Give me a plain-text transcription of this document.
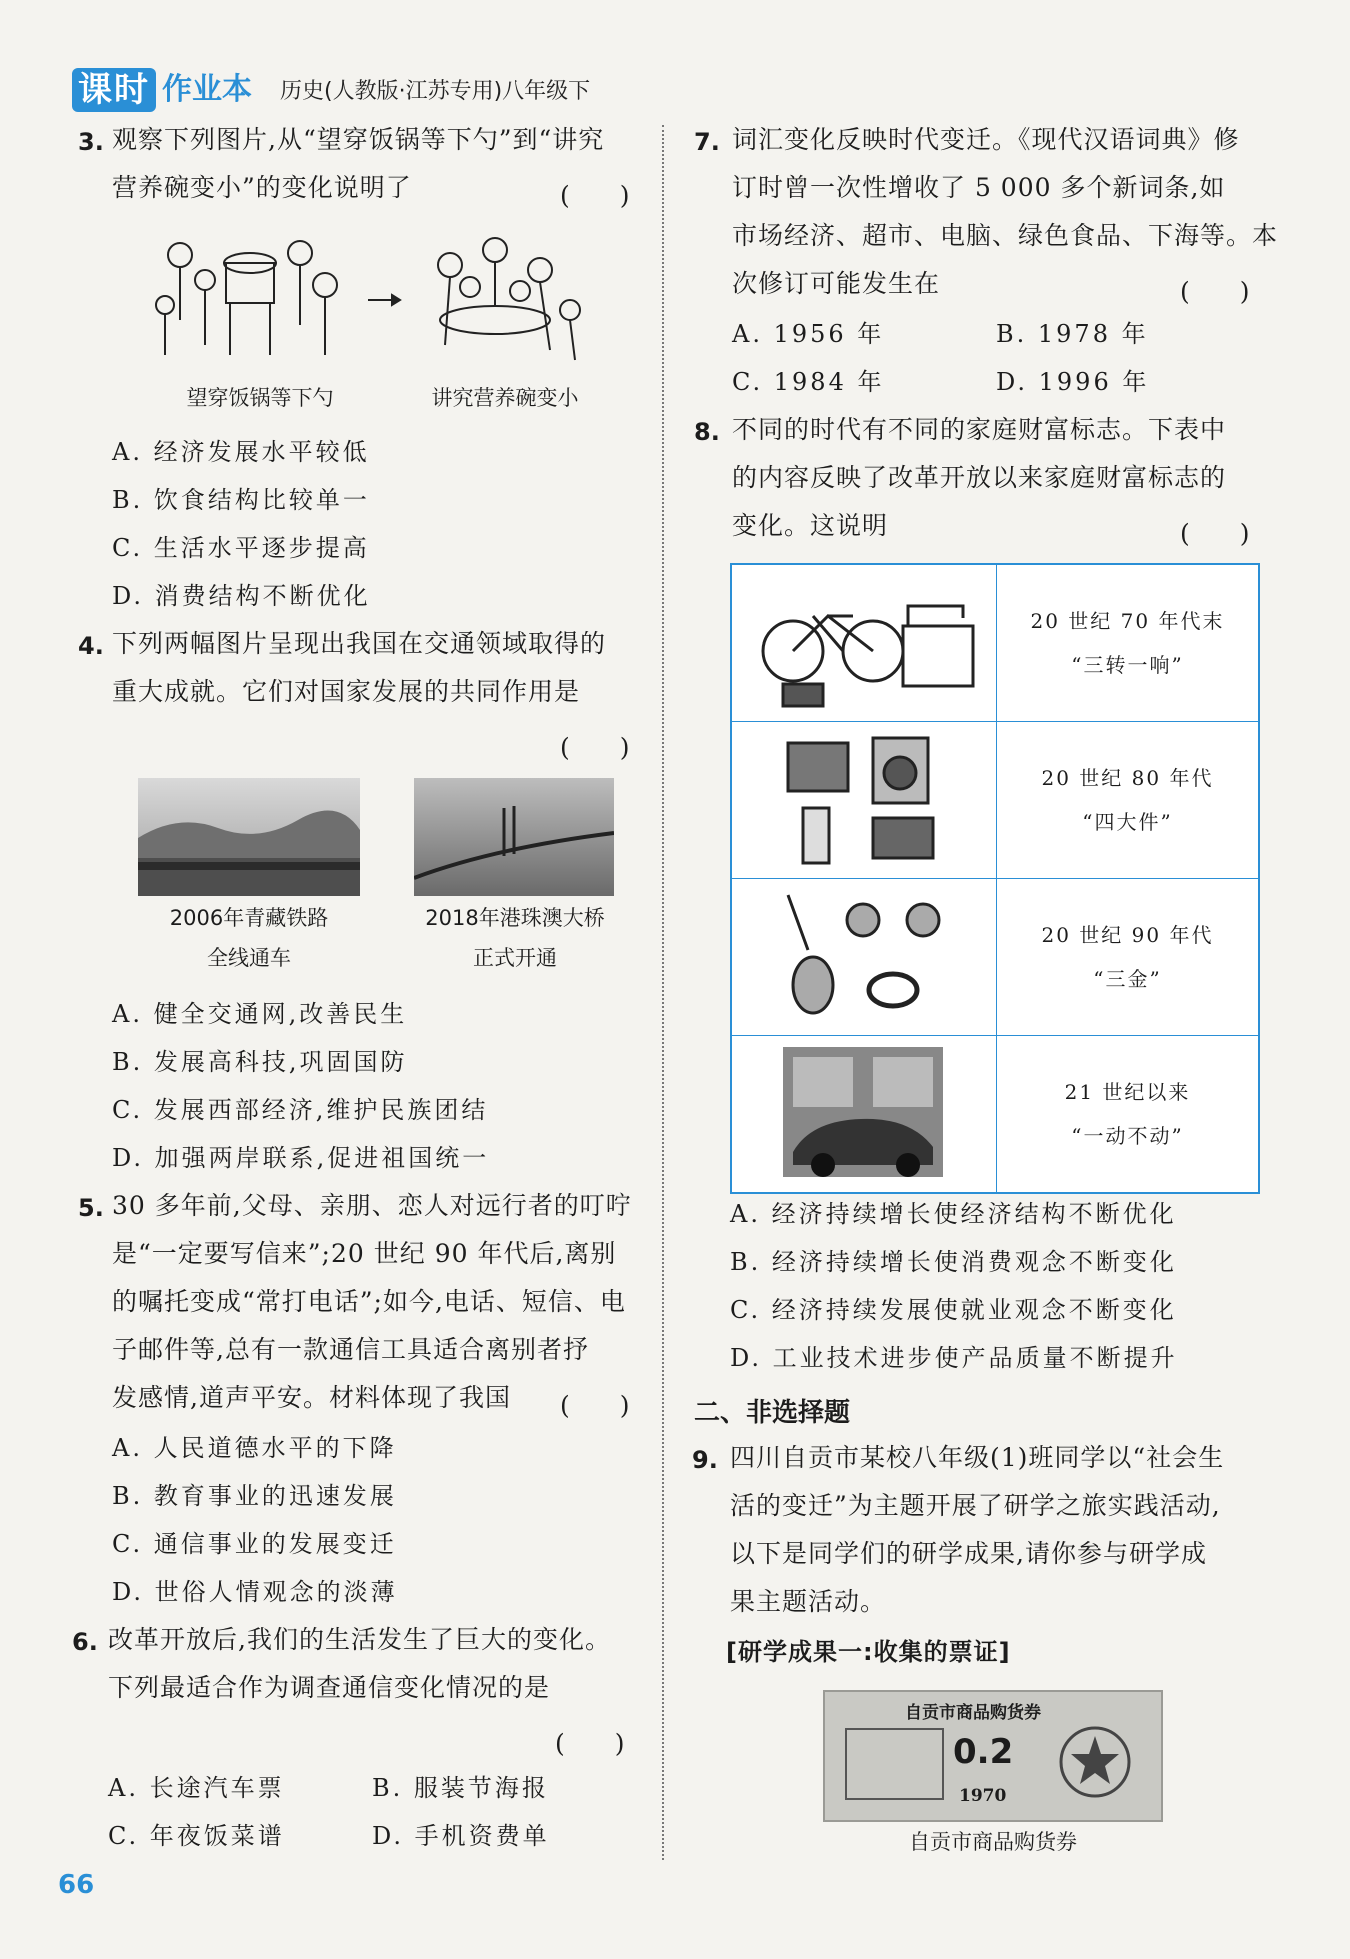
课时 作业本 历史(人教版·江苏专用)八年级下
3. 观察下列图片,从“望穿饭锅等下勺”到“讲究
营养碗变小”的变化说明了	(　　)
望穿饭锅等下勺	讲究营养碗变小
A. 经济发展水平较低
B. 饮食结构比较单一
C. 生活水平逐步提高
D. 消费结构不断优化
4. 下列两幅图片呈现出我国在交通领域取得的
重大成就。它们对国家发展的共同作用是
(　　)
2006年青藏铁路
全线通车
2018年港珠澳大桥
正式开通
A. 健全交通网,改善民生
B. 发展高科技,巩固国防
C. 发展西部经济,维护民族团结
D. 加强两岸联系,促进祖国统一
5. 30 多年前,父母、亲朋、恋人对远行者的叮咛
是“一定要写信来”;20 世纪 90 年代后,离别
的嘱托变成“常打电话”;如今,电话、短信、电
子邮件等,总有一款通信工具适合离别者抒
发感情,道声平安。材料体现了我国 (　　)
A. 人民道德水平的下降
B. 教育事业的迅速发展
C. 通信事业的发展变迁
D. 世俗人情观念的淡薄
6. 改革开放后,我们的生活发生了巨大的变化。
下列最适合作为调查通信变化情况的是
(　　)
A. 长途汽车票	B. 服装节海报
C. 年夜饭菜谱	D. 手机资费单
7. 词汇变化反映时代变迁。《现代汉语词典》修
订时曾一次性增收了 5 000 多个新词条,如
市场经济、超市、电脑、绿色食品、下海等。本
次修订可能发生在	(　　)
A. 1956 年	B. 1978 年
C. 1984 年	D. 1996 年
8. 不同的时代有不同的家庭财富标志。下表中
的内容反映了改革开放以来家庭财富标志的
变化。这说明	(　　)

20 世纪 70 年代末
“三转一响”

20 世纪 80 年代
“四大件”

20 世纪 90 年代
“三金”

21 世纪以来
“一动不动”
A. 经济持续增长使经济结构不断优化
B. 经济持续增长使消费观念不断变化
C. 经济持续发展使就业观念不断变化
D. 工业技术进步使产品质量不断提升
二、非选择题
9. 四川自贡市某校八年级(1)班同学以“社会生
活的变迁”为主题开展了研学之旅实践活动,
以下是同学们的研学成果,请你参与研学成
果主题活动。
[研学成果一:收集的票证]
自贡市商品购货券
0.2
1970
自贡市商品购货券
66
